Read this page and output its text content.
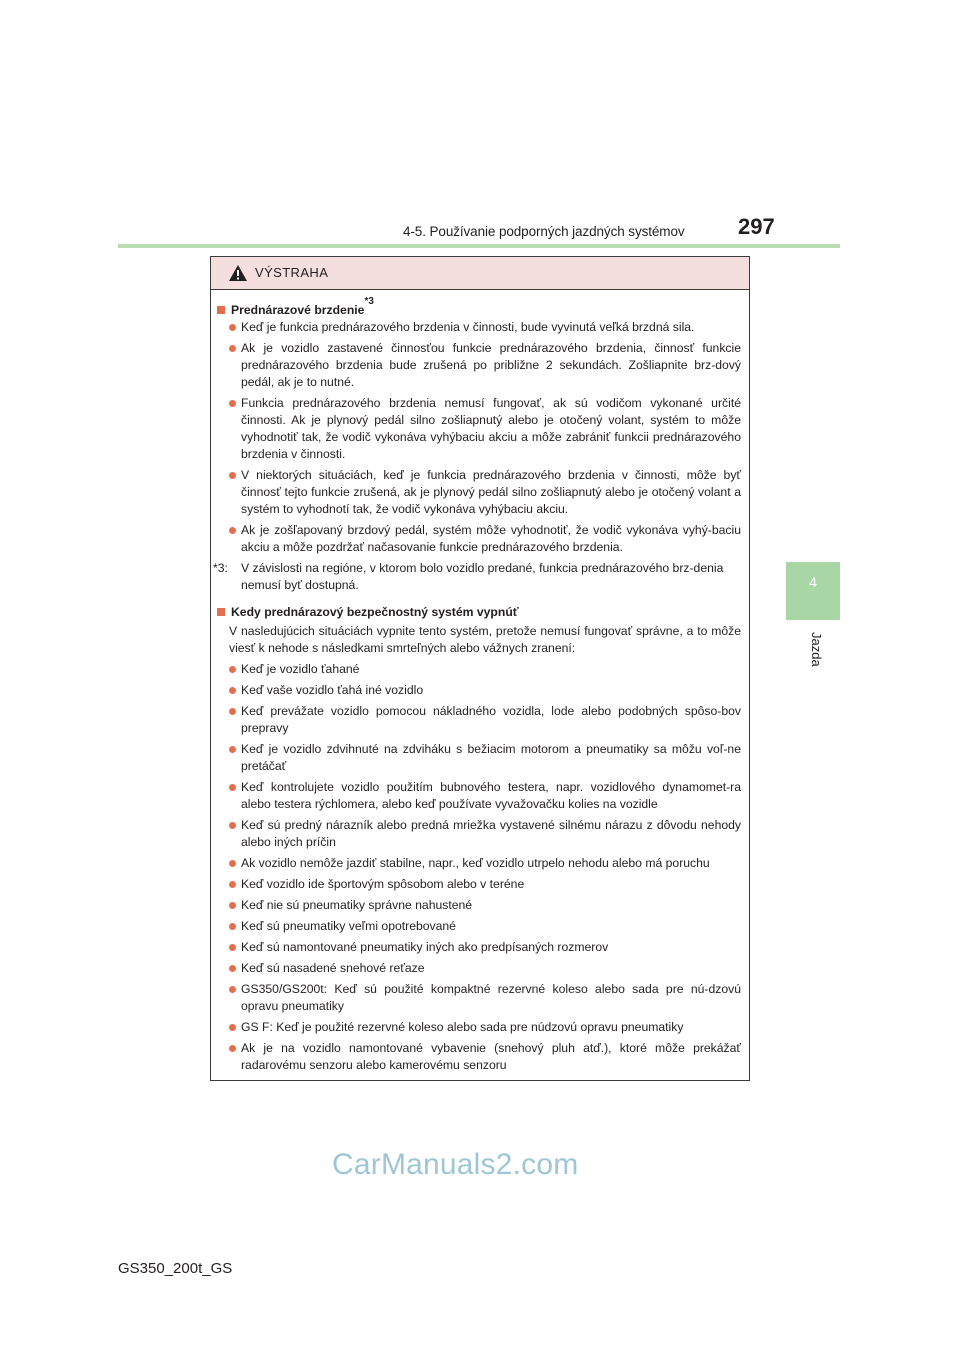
4-5. Používanie podporných jazdných systémov 297
4
Jazda
VÝSTRAHA
Prednárazové brzdenie
*3
Keď je funkcia prednárazového brzdenia v činnosti, bude vyvinutá veľká brzdná sila.
Ak je vozidlo zastavené činnosťou funkcie prednárazového brzdenia, činnosť funkcie prednárazového brzdenia bude zrušená po približne 2 sekundách. Zošliapnite brz-dový pedál, ak je to nutné.
Funkcia prednárazového brzdenia nemusí fungovať, ak sú vodičom vykonané určité činnosti. Ak je plynový pedál silno zošliapnutý alebo je otočený volant, systém to môže vyhodnotiť tak, že vodič vykonáva vyhýbaciu akciu a môže zabrániť funkcii prednárazového brzdenia v činnosti.
V niektorých situáciách, keď je funkcia prednárazového brzdenia v činnosti, môže byť činnosť tejto funkcie zrušená, ak je plynový pedál silno zošliapnutý alebo je otočený volant a systém to vyhodnotí tak, že vodič vykonáva vyhýbaciu akciu.
Ak je zošľapovaný brzdový pedál, systém môže vyhodnotiť, že vodič vykonáva vyhý-baciu akciu a môže pozdržať načasovanie funkcie prednárazového brzdenia.
*3:	V závislosti na regióne, v ktorom bolo vozidlo predané, funkcia prednárazového brz-denia nemusí byť dostupná.
Kedy prednárazový bezpečnostný systém vypnúť
V nasledujúcich situáciách vypnite tento systém, pretože nemusí fungovať správne, a to môže viesť k nehode s následkami smrteľných alebo vážnych zranení:
Keď je vozidlo ťahané
Keď vaše vozidlo ťahá iné vozidlo
Keď prevážate vozidlo pomocou nákladného vozidla, lode alebo podobných spôso-bov prepravy
Keď je vozidlo zdvihnuté na zdviháku s bežiacim motorom a pneumatiky sa môžu voľ-ne pretáčať
Keď kontrolujete vozidlo použitím bubnového testera, napr. vozidlového dynamomet-ra alebo testera rýchlomera, alebo keď používate vyvažovačku kolies na vozidle
Keď sú predný nárazník alebo predná mriežka vystavené silnému nárazu z dôvodu nehody alebo iných príčin
Ak vozidlo nemôže jazdiť stabilne, napr., keď vozidlo utrpelo nehodu alebo má poruchu
Keď vozidlo ide športovým spôsobom alebo v teréne
Keď nie sú pneumatiky správne nahustené
Keď sú pneumatiky veľmi opotrebované
Keď sú namontované pneumatiky iných ako predpísaných rozmerov
Keď sú nasadené snehové reťaze
GS350/GS200t: Keď sú použité kompaktné rezervné koleso alebo sada pre nú-dzovú opravu pneumatiky
GS F: Keď je použité rezervné koleso alebo sada pre núdzovú opravu pneumatiky
Ak je na vozidlo namontované vybavenie (snehový pluh atď.), ktoré môže prekážať radarovému senzoru alebo kamerovému senzoru
CarManuals2.com
GS350_200t_GS
